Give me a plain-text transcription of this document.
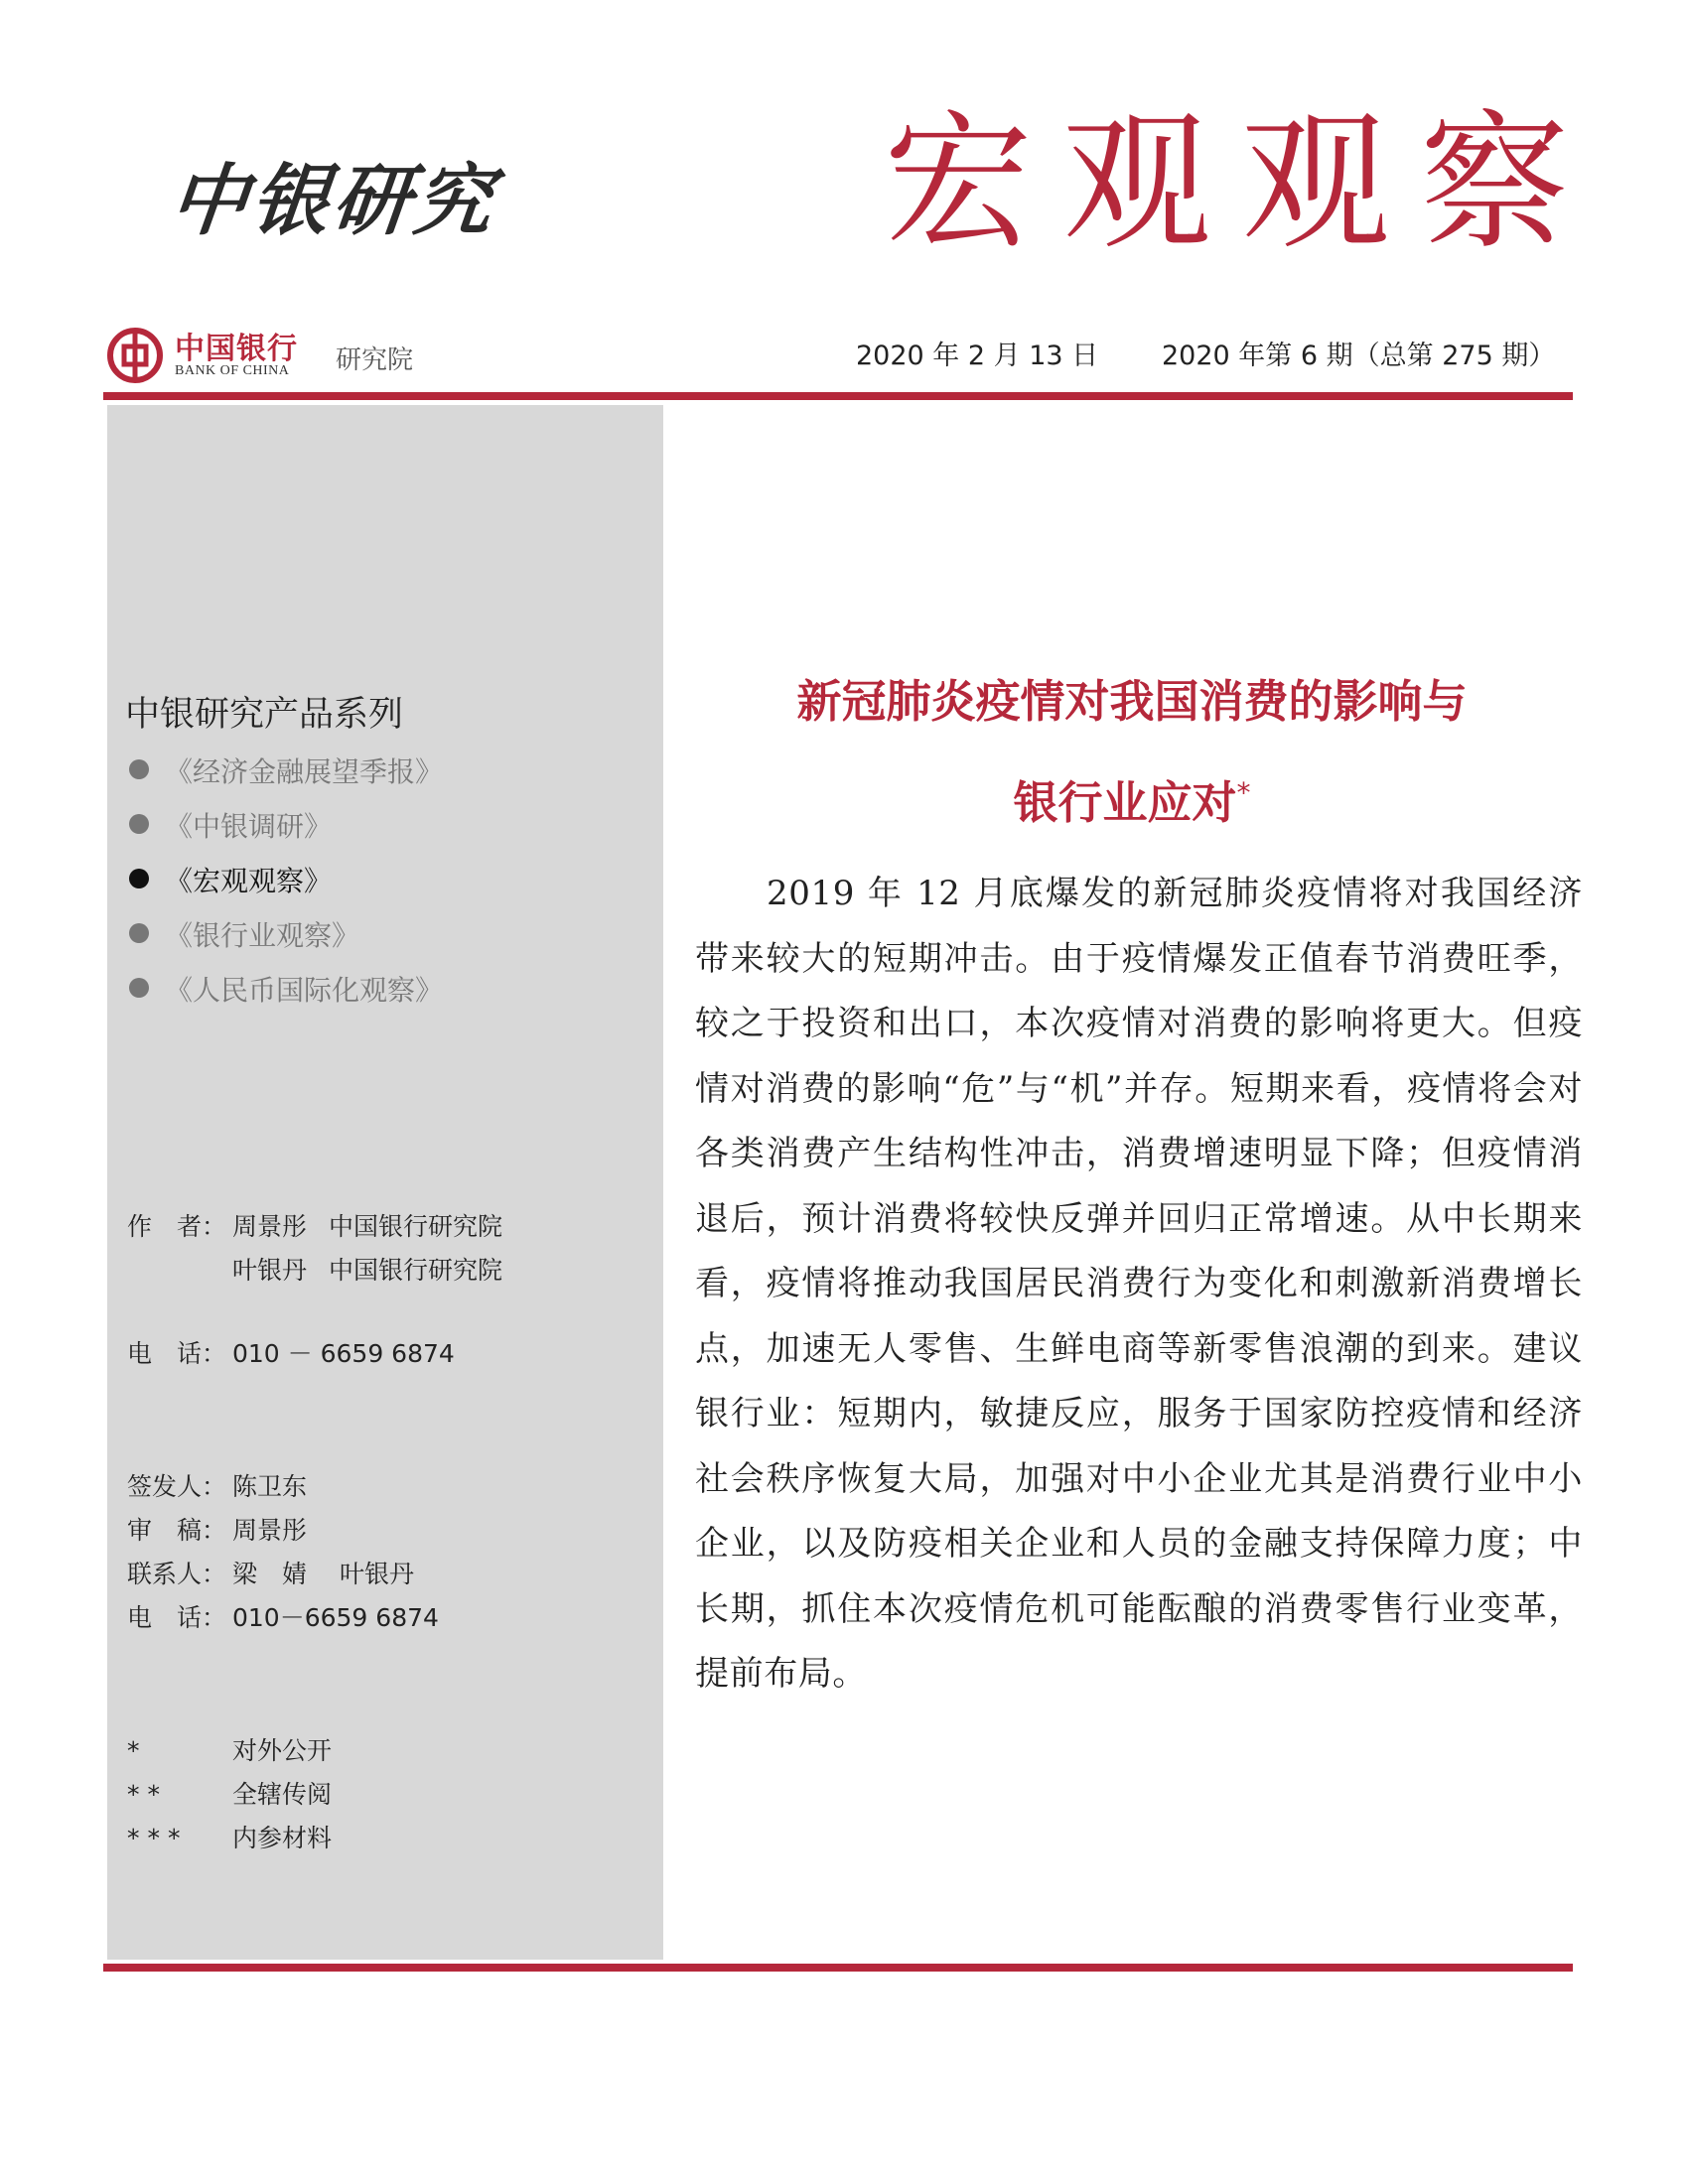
中银研究	宏观观察
中国银行
BANK OF CHINA 研究院	2020 年 2 月 13 日 2020 年第 6 期（总第 275 期）
中银研究产品系列
《经济金融展望季报》
《中银调研》
《宏观观察》
《银行业观察》
《人民币国际化观察》
作　者： 周景彤 中国银行研究院
叶银丹 中国银行研究院
电　话： 010 － 6659 6874
签发人： 陈卫东
审　稿： 周景彤
联系人： 梁　婧　 叶银丹
电　话： 010－6659 6874
*	对外公开
**	全辖传阅
*** 内参材料
新冠肺炎疫情对我国消费的影响与
银行业应对*
2019 年 12 月底爆发的新冠肺炎疫情将对我国经济带来较大的短期冲击。由于疫情爆发正值春节消费旺季，较之于投资和出口，本次疫情对消费的影响将更大。但疫情对消费的影响“危”与“机”并存。短期来看，疫情将会对各类消费产生结构性冲击，消费增速明显下降；但疫情消退后，预计消费将较快反弹并回归正常增速。从中长期来看，疫情将推动我国居民消费行为变化和刺激新消费增长点，加速无人零售、生鲜电商等新零售浪潮的到来。建议银行业：短期内，敏捷反应，服务于国家防控疫情和经济社会秩序恢复大局，加强对中小企业尤其是消费行业中小企业，以及防疫相关企业和人员的金融支持保障力度；中长期，抓住本次疫情危机可能酝酿的消费零售行业变革，提前布局。
